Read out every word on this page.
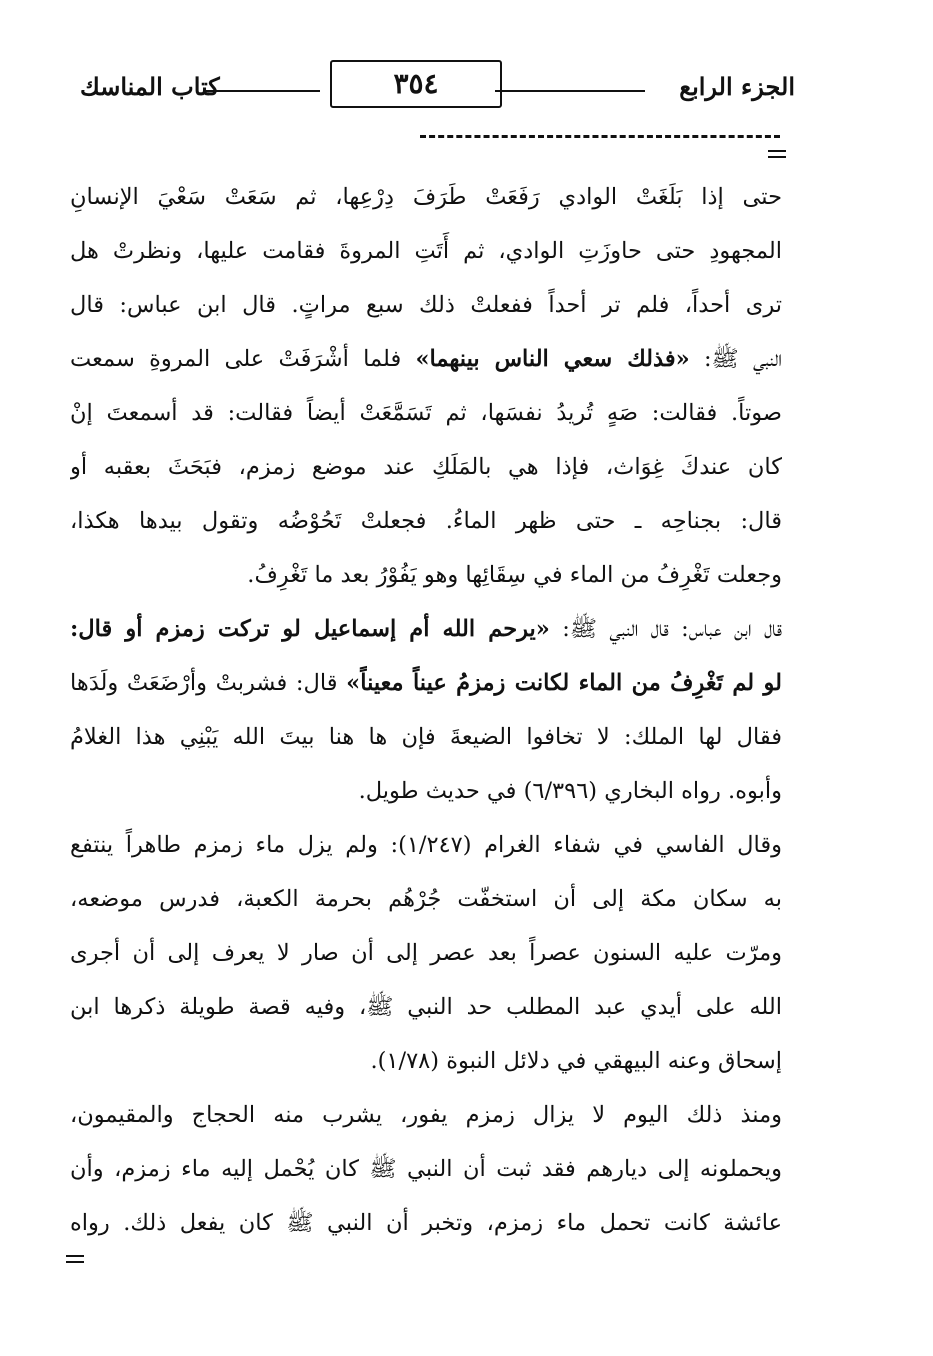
الجزء الرابع
٣٥٤
كتاب المناسك
حتى إذا بَلَغَتْ الوادي رَفَعَتْ طَرَفَ دِرْعِها، ثم سَعَتْ سَعْيَ الإنسانِ
المجهودِ حتى حاوزَتِ الوادي، ثم أَتَتِ المروةَ فقامت عليها، ونظرتْ هل
ترى أحداً، فلم تر أحداً ففعلتْ ذلك سبع مراتٍ. قال ابن عباس: قال
النبي ﷺ: «فذلك سعي الناس بينهما» فلما أشْرَفَتْ على المروةِ سمعت
صوتاً. فقالت: صَهٍ تُريدُ نفسَها، ثم تَسَمَّعَتْ أيضاً فقالت: قد أسمعتَ إنْ
كان عندكَ غِوَاث، فإذا هي بالمَلَكِ عند موضع زمزم، فبَحَثَ بعقبه أو
قال: بجناحِه ـ حتى ظهر الماءُ. فجعلتْ تَحُوْضُه وتقول بيدها هكذا،
وجعلت تَغْرِفُ من الماء في سِقَائِها وهو يَفُوْرُ بعد ما تَغْرِفُ.
قال ابن عباس: قال النبي ﷺ: «يرحم الله أم إسماعيل لو تركت زمزم أو قال:
لو لم تَغْرِفُ من الماء لكانت زمزمُ عيناً معيناً» قال: فشربتْ وأرْضَعَتْ ولَدَها
فقال لها الملك: لا تخافوا الضيعةَ فإن ها هنا بيتَ الله يَبْنِي هذا الغلامُ
وأبوه. رواه البخاري (٦/٣٩٦) في حديث طويل.
وقال الفاسي في شفاء الغرام (١/٢٤٧): ولم يزل ماء زمزم طاهراً ينتفع
به سكان مكة إلى أن استخفّت جُرْهُم بحرمة الكعبة، فدرس موضعه،
ومرّت عليه السنون عصراً بعد عصر إلى أن صار لا يعرف إلى أن أجرى
الله على أيدي عبد المطلب حد النبي ﷺ، وفيه قصة طويلة ذكرها ابن
إسحاق وعنه البيهقي في دلائل النبوة (١/٧٨).
ومنذ ذلك اليوم لا يزال زمزم يفور، يشرب منه الحجاج والمقيمون،
ويحملونه إلى ديارهم فقد ثبت أن النبي ﷺ كان يُحْمل إليه ماء زمزم، وأن
عائشة كانت تحمل ماء زمزم، وتخبر أن النبي ﷺ كان يفعل ذلك. رواه
